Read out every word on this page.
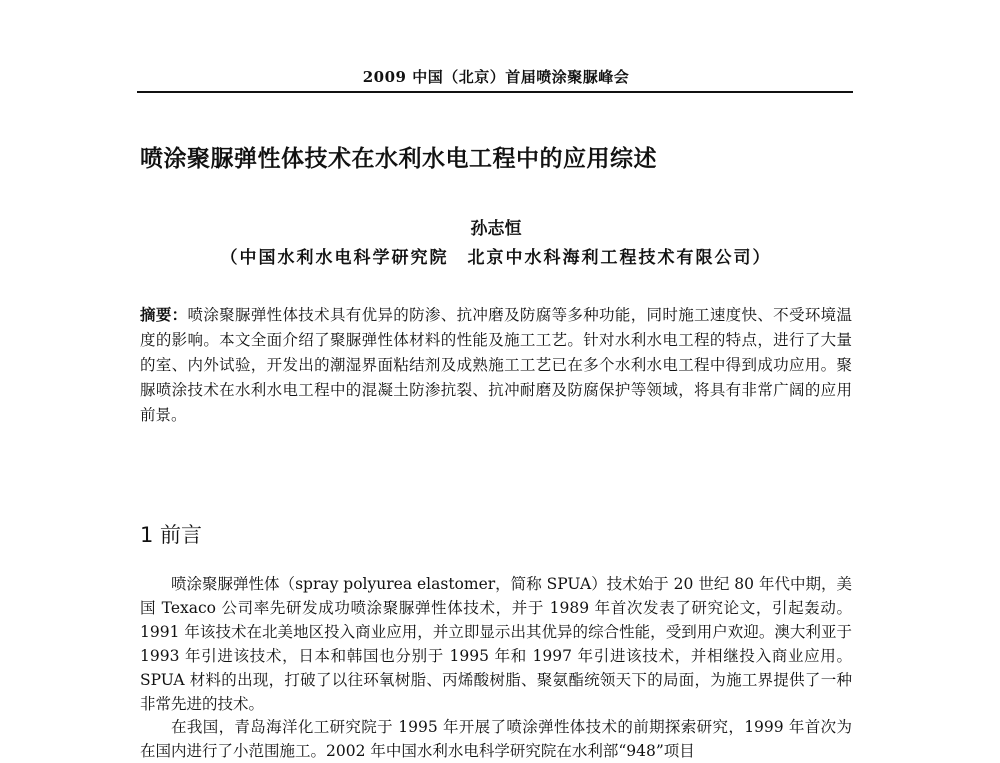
2009 中国（北京）首届喷涂聚脲峰会
喷涂聚脲弹性体技术在水利水电工程中的应用综述
孙志恒
（中国水利水电科学研究院　北京中水科海利工程技术有限公司）

摘要：喷涂聚脲弹性体技术具有优异的防渗、抗冲磨及防腐等多种功能，同时施工速度快、不受环境温度的影响。本文全面介绍了聚脲弹性体材料的性能及施工工艺。针对水利水电工程的特点，进行了大量的室、内外试验，开发出的潮湿界面粘结剂及成熟施工工艺已在多个水利水电工程中得到成功应用。聚脲喷涂技术在水利水电工程中的混凝土防渗抗裂、抗冲耐磨及防腐保护等领域，将具有非常广阔的应用前景。

1 前言

喷涂聚脲弹性体（spray polyurea elastomer，简称 SPUA）技术始于 20 世纪 80 年代中期，美国 Texaco 公司率先研发成功喷涂聚脲弹性体技术，并于 1989 年首次发表了研究论文，引起轰动。1991 年该技术在北美地区投入商业应用，并立即显示出其优异的综合性能，受到用户欢迎。澳大利亚于 1993 年引进该技术，日本和韩国也分别于 1995 年和 1997 年引进该技术，并相继投入商业应用。SPUA 材料的出现，打破了以往环氧树脂、丙烯酸树脂、聚氨酯统领天下的局面，为施工界提供了一种非常先进的技术。

在我国，青岛海洋化工研究院于 1995 年开展了喷涂弹性体技术的前期探索研究，1999 年首次为在国内进行了小范围施工。2002 年中国水利水电科学研究院在水利部“948”项目
